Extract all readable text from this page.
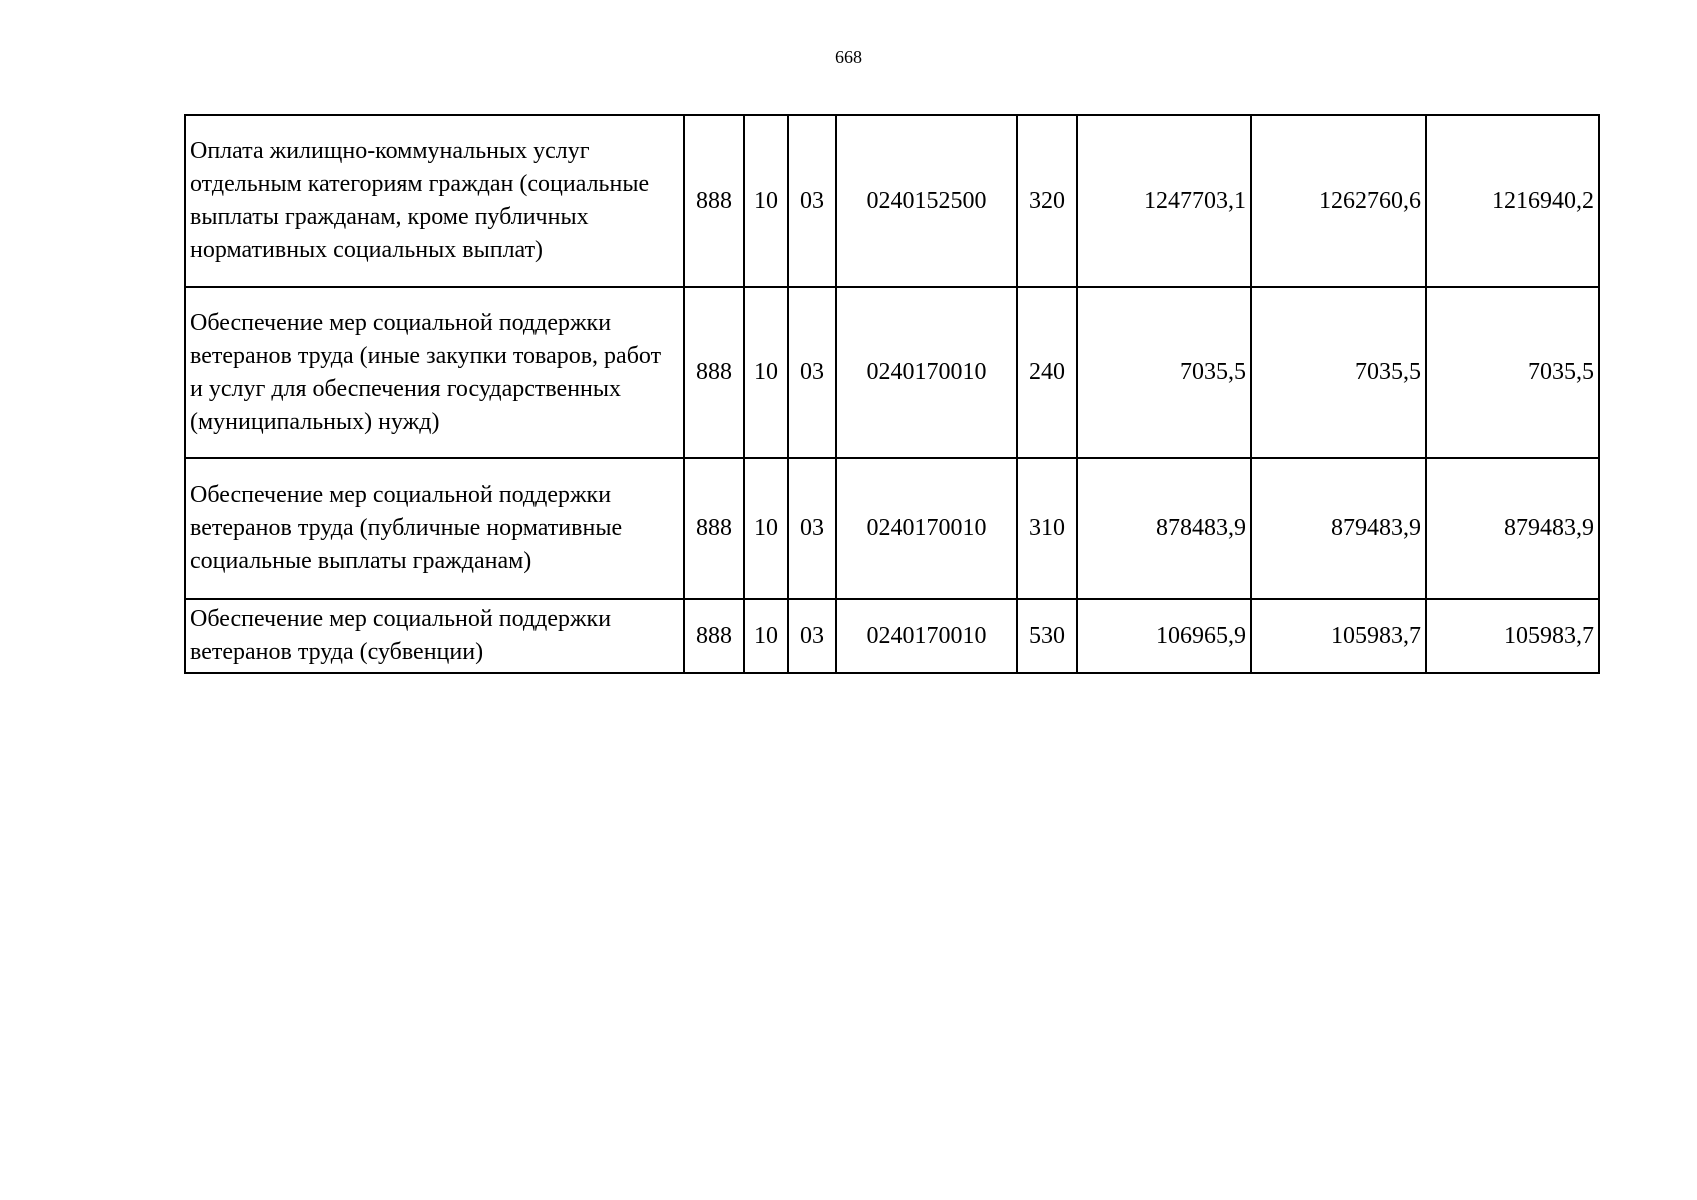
668
Оплата жилищно-коммунальных услуг отдельным категориям граждан (социальные выплаты гражданам, кроме публичных нормативных социальных выплат)	888	10	03	0240152500	320	1247703,1	1262760,6	1216940,2
Обеспечение мер социальной поддержки ветеранов труда (иные закупки товаров, работ и услуг для обеспечения государственных (муниципальных) нужд)	888	10	03	0240170010	240	7035,5	7035,5	7035,5
Обеспечение мер социальной поддержки ветеранов труда (публичные нормативные социальные выплаты гражданам)	888	10	03	0240170010	310	878483,9	879483,9	879483,9
Обеспечение мер социальной поддержки ветеранов труда (субвенции)	888	10	03	0240170010	530	106965,9	105983,7	105983,7
